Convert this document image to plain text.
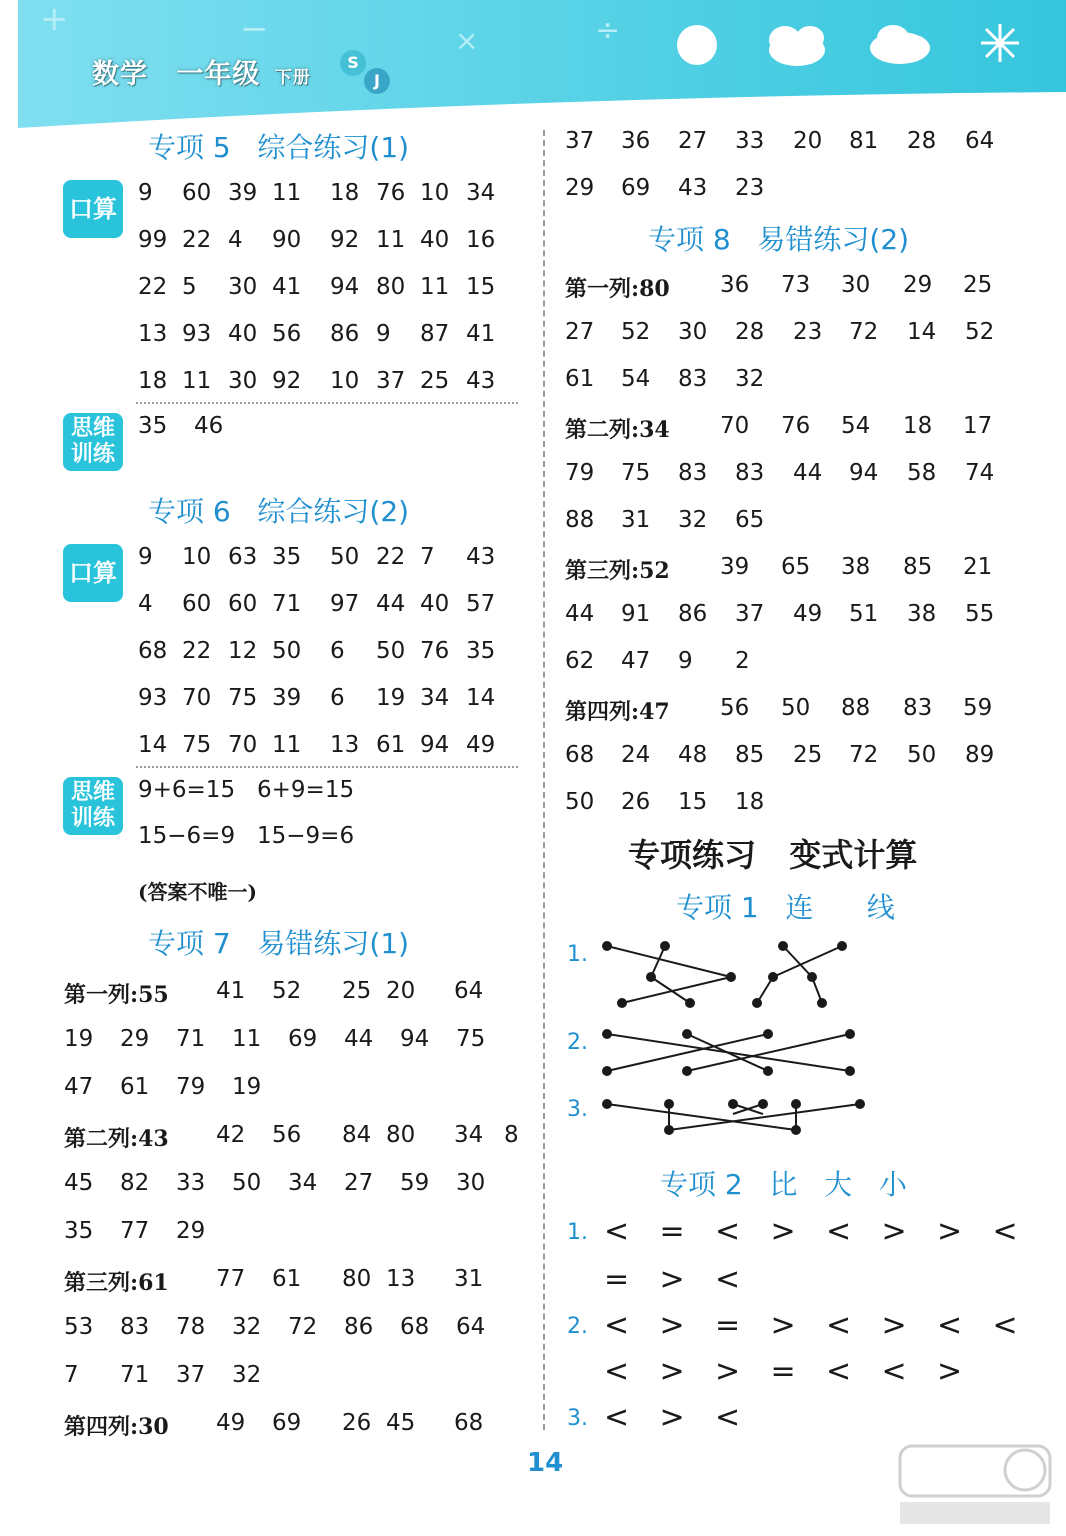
+	−	×	÷
数学 一年级 下册
S
J
专项 5   综合练习(1)
口算
9 60 39 11 18 76 10 34
99 22 4 90 92 11 40 16
22 5 30 41 94 80 11 15
13 93 40 56 86 9 87 41
18 11 30 92 10 37 25 43
思维训练
35 46
专项 6   综合练习(2)
口算
9 10 63 35 50 22 7 43
4 60 60 71 97 44 40 57
68 22 12 50 6 50 76 35
93 70 75 39 6 19 34 14
14 75 70 11 13 61 94 49
思维训练
9+6=15   6+9=15
15−6=9   15−9=6
(答案不唯一)
专项 7   易错练习(1)
第一列:55 41 52 25 20 64
19 29 71 11 69 44 94 75
47 61 79 19
第二列:43 42 56 84 80 34 8
45 82 33 50 34 27 59 30
35 77 29
第三列:61 77 61 80 13 31
53 83 78 32 72 86 68 64
7 71 37 32
第四列:30 49 69 26 45 68
37 36 27 33 20 81 28 64
29 69 43 23
专项 8   易错练习(2)
第一列:80 36 73 30 29 25
27 52 30 28 23 72 14 52
61 54 83 32
第二列:34 70 76 54 18 17
79 75 83 83 44 94 58 74
88 31 32 65
第三列:52 39 65 38 85 21
44 91 86 37 49 51 38 55
62 47 9 2
第四列:47 56 50 88 83 59
68 24 48 85 25 72 50 89
50 26 15 18
专项练习   变式计算
专项 1   连      线
1.
2.
3.
专项 2   比   大   小
1.
2.
3.
< = < > < > > <
= > <
< > = > < > < <
< > > = < < >
< > <
14
